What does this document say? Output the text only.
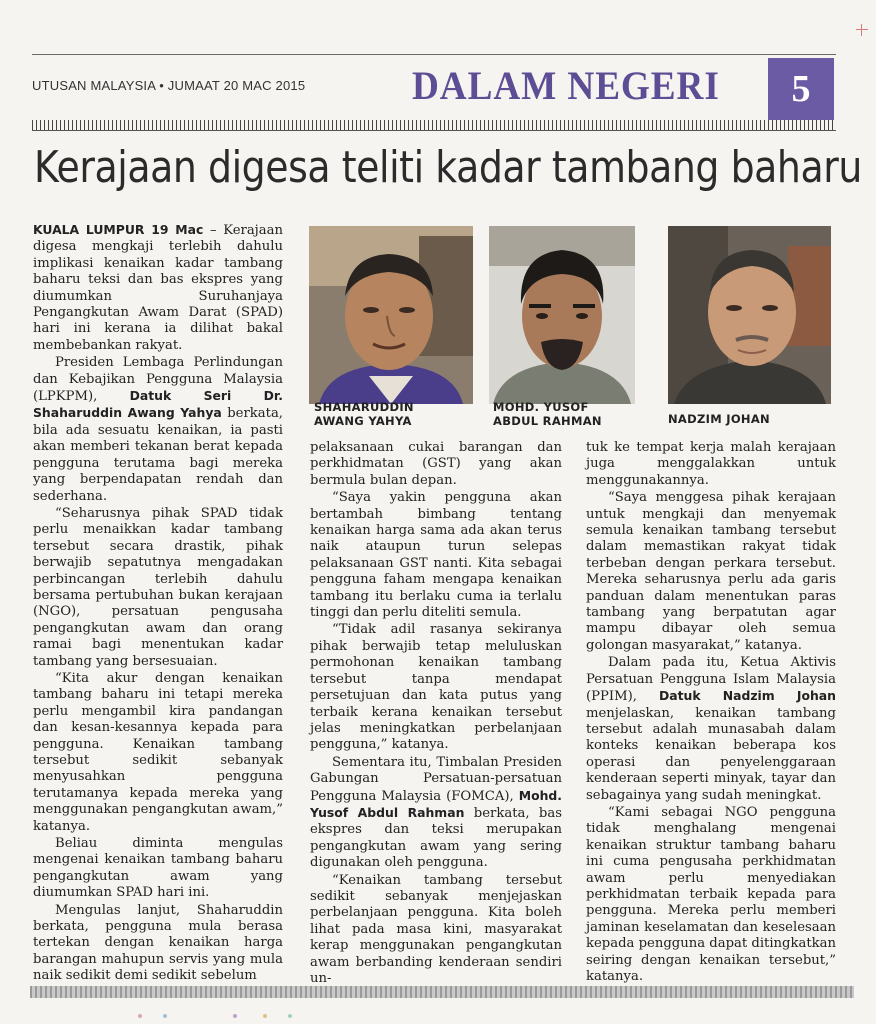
UTUSAN MALAYSIA • JUMAAT 20 MAC 2015	DALAM NEGERI	5
Kerajaan digesa teliti kadar tambang baharu

KUALA LUMPUR 19 Mac – Kerajaan digesa mengkaji terlebih dahulu implikasi kenaikan kadar tambang baharu teksi dan bas ekspres yang diumumkan Suruhanjaya Pengangkutan Awam Darat (SPAD) hari ini kerana ia dilihat bakal membebankan rakyat.

Presiden Lembaga Perlindungan dan Kebajikan Pengguna Malaysia (LPKPM), Datuk Seri Dr. Shaharuddin Awang Yahya berkata, bila ada sesuatu kenaikan, ia pasti akan memberi tekanan berat kepada pengguna terutama bagi mereka yang berpendapatan rendah dan sederhana.

“Seharusnya pihak SPAD tidak perlu menaikkan kadar tambang tersebut secara drastik, pihak berwajib sepatutnya mengadakan perbincangan terlebih dahulu bersama pertubuhan bukan kerajaan (NGO), persatuan pengusaha pengangkutan awam dan orang ramai bagi menentukan kadar tambang yang bersesuaian.

“Kita akur dengan kenaikan tambang baharu ini tetapi mereka perlu mengambil kira pandangan dan kesan-kesannya kepada para pengguna. Kenaikan tambang tersebut sedikit sebanyak menyusahkan pengguna terutamanya kepada mereka yang menggunakan pengangkutan awam,” katanya.

Beliau diminta mengulas mengenai kenaikan tambang baharu pengangkutan awam yang diumumkan SPAD hari ini.

Mengulas lanjut, Shaharuddin berkata, pengguna mula berasa tertekan dengan kenaikan harga barangan mahupun servis yang mula naik sedikit demi sedikit sebelum

SHAHARUDDIN
AWANG YAHYA
MOHD. YUSOF
ABDUL RAHMAN	NADZIM JOHAN

pelaksanaan cukai barangan dan perkhidmatan (GST) yang akan bermula bulan depan.

“Saya yakin pengguna akan bertambah bimbang tentang kenaikan harga sama ada akan terus naik ataupun turun selepas pelaksanaan GST nanti. Kita sebagai pengguna faham mengapa kenaikan tambang itu berlaku cuma ia terlalu tinggi dan perlu diteliti semula.

“Tidak adil rasanya sekiranya pihak berwajib tetap meluluskan permohonan kenaikan tambang tersebut tanpa mendapat persetujuan dan kata putus yang terbaik kerana kenaikan tersebut jelas meningkatkan perbelanjaan pengguna,” katanya.

Sementara itu, Timbalan Presiden Gabungan Persatuan-persatuan Pengguna Malaysia (FOMCA), Mohd. Yusof Abdul Rahman berkata, bas ekspres dan teksi merupakan pengangkutan awam yang sering digunakan oleh pengguna.

“Kenaikan tambang tersebut sedikit sebanyak menjejaskan perbelanjaan pengguna. Kita boleh lihat pada masa kini, masyarakat kerap menggunakan pengangkutan awam berbanding kenderaan sendiri un-

tuk ke tempat kerja malah kerajaan juga menggalakkan untuk menggunakannya.

“Saya menggesa pihak kerajaan untuk mengkaji dan menyemak semula kenaikan tambang tersebut dalam memastikan rakyat tidak terbeban dengan perkara tersebut. Mereka seharusnya perlu ada garis panduan dalam menentukan paras tambang yang berpatutan agar mampu dibayar oleh semua golongan masyarakat,” katanya.

Dalam pada itu, Ketua Aktivis Persatuan Pengguna Islam Malaysia (PPIM), Datuk Nadzim Johan menjelaskan, kenaikan tambang tersebut adalah munasabah dalam konteks kenaikan beberapa kos operasi dan penyelenggaraan kenderaan seperti minyak, tayar dan sebagainya yang sudah meningkat.

“Kami sebagai NGO pengguna tidak menghalang mengenai kenaikan struktur tambang baharu ini cuma pengusaha perkhidmatan awam perlu menyediakan perkhidmatan terbaik kepada para pengguna. Mereka perlu memberi jaminan keselamatan dan keselesaan kepada pengguna dapat ditingkatkan seiring dengan kenaikan tersebut,” katanya.
